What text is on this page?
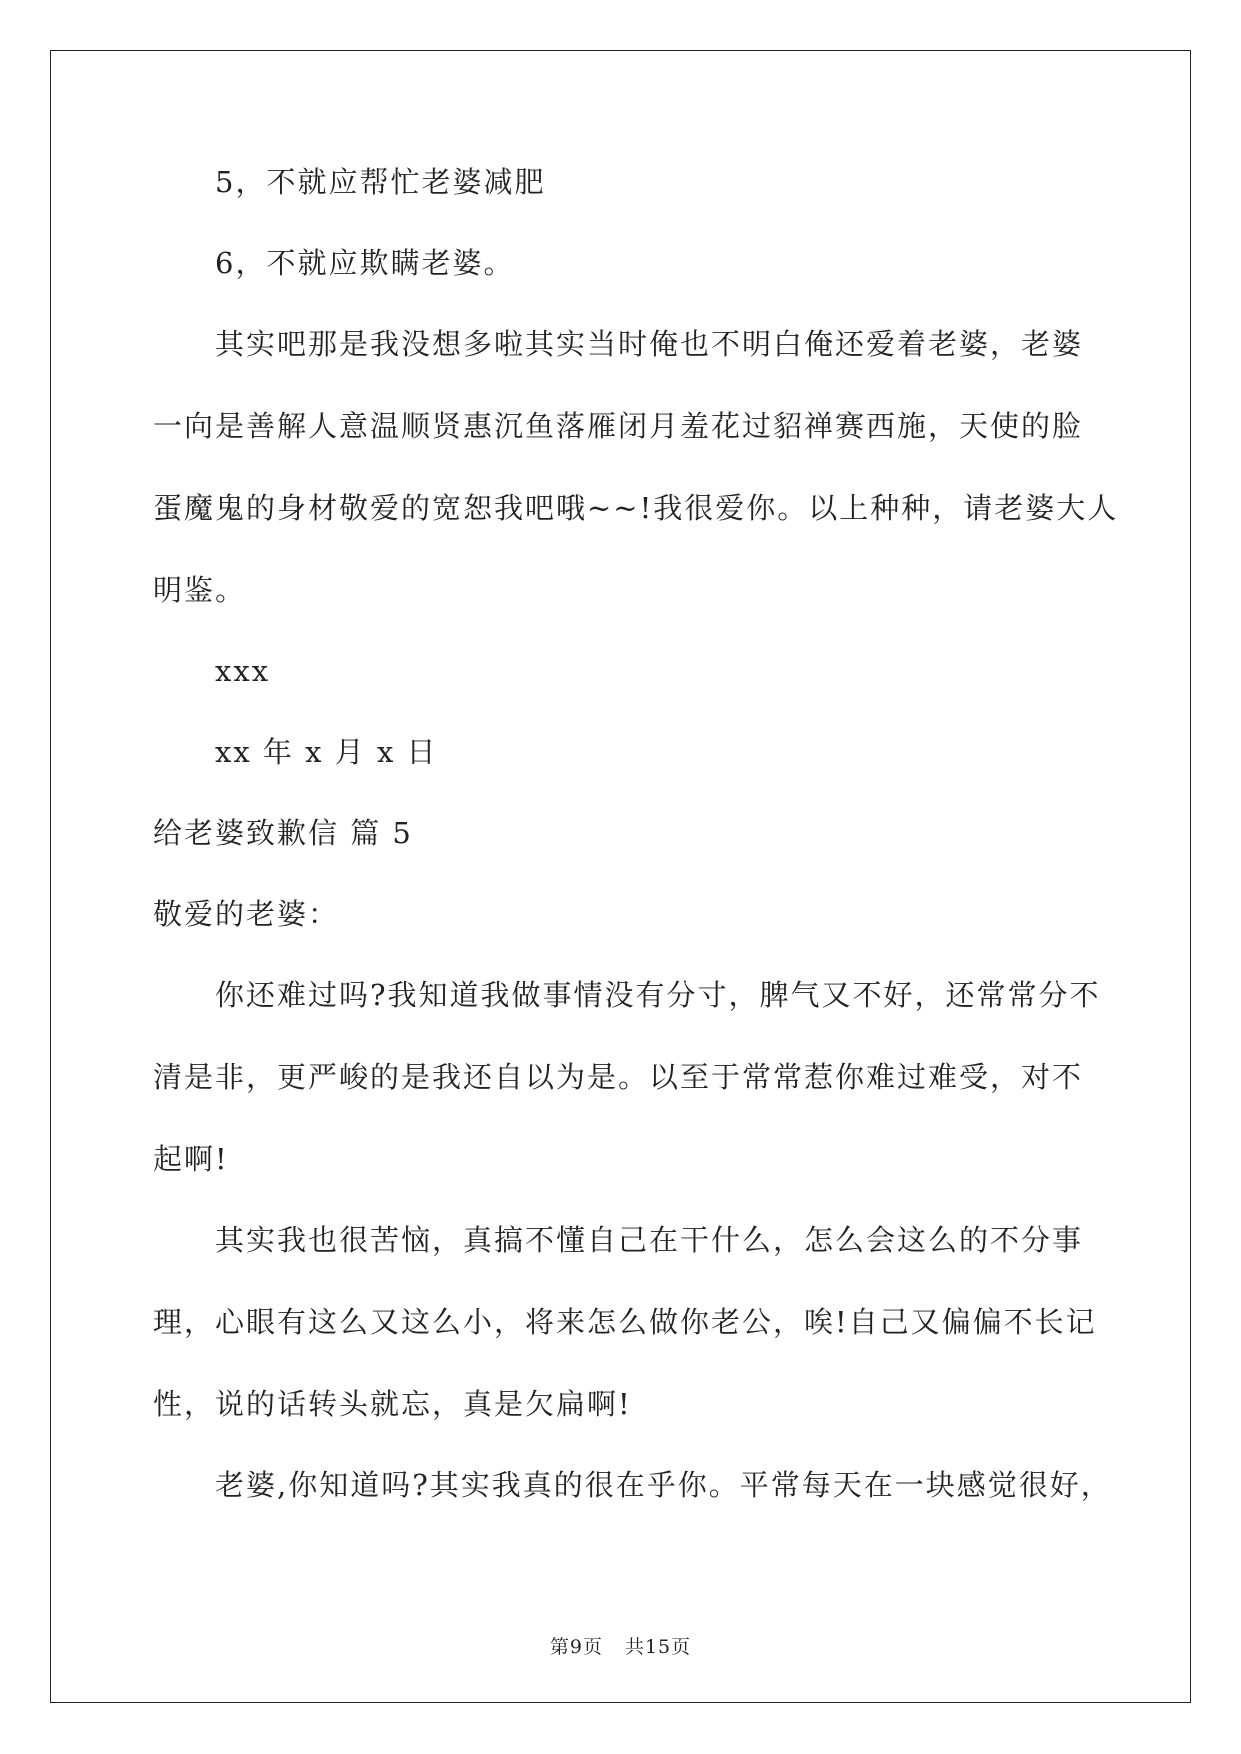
5，不就应帮忙老婆减肥

6，不就应欺瞒老婆。

其实吧那是我没想多啦其实当时俺也不明白俺还爱着老婆，老婆
一向是善解人意温顺贤惠沉鱼落雁闭月羞花过貂禅赛西施，天使的脸
蛋魔鬼的身材敬爱的宽恕我吧哦~~!我很爱你。以上种种，请老婆大人
明鉴。

xxx

xx 年 x 月 x 日

给老婆致歉信 篇 5

敬爱的老婆：

你还难过吗?我知道我做事情没有分寸，脾气又不好，还常常分不
清是非，更严峻的是我还自以为是。以至于常常惹你难过难受，对不
起啊!

其实我也很苦恼，真搞不懂自己在干什么，怎么会这么的不分事
理，心眼有这么又这么小，将来怎么做你老公，唉!自己又偏偏不长记
性，说的话转头就忘，真是欠扁啊!

老婆,你知道吗?其实我真的很在乎你。平常每天在一块感觉很好，

第9页 共15页
